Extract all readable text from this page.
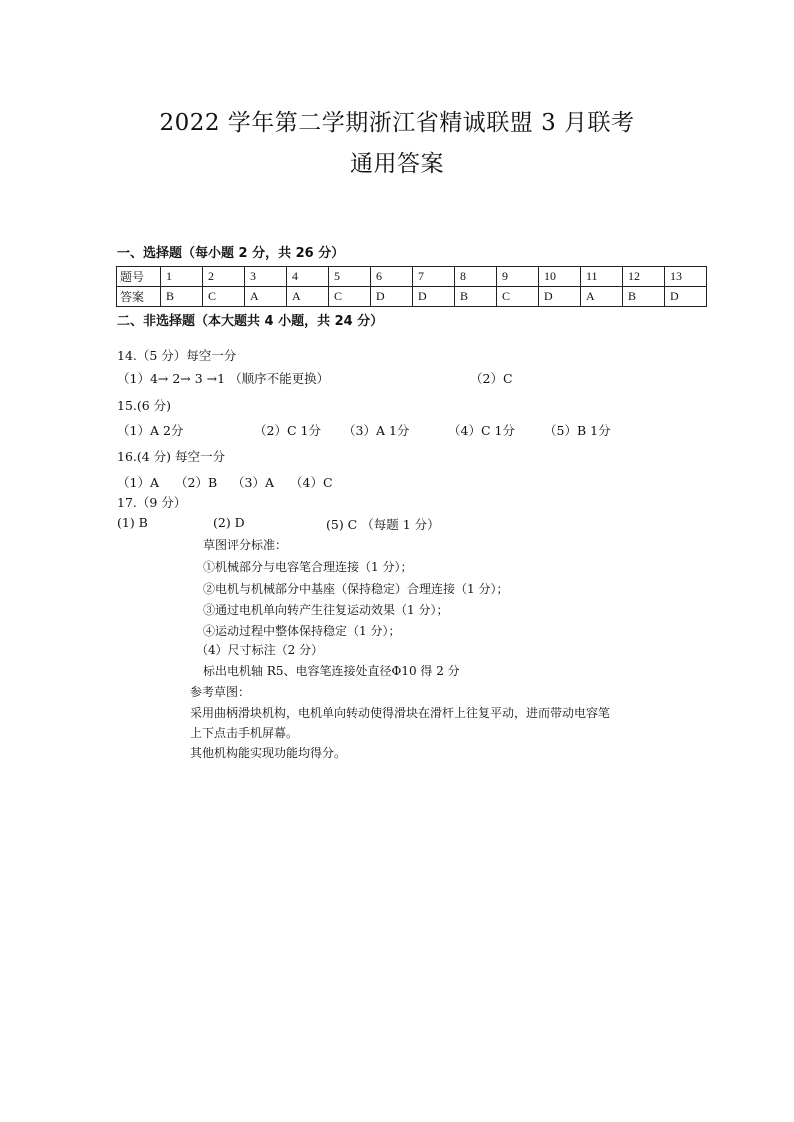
2022 学年第二学期浙江省精诚联盟 3 月联考
通用答案
一、选择题（每小题 2 分，共 26 分）
题号	1	2	3	4	5	6	7	8	9	10	11	12	13
答案	B	C	A	A	C	D	D	B	C	D	A	B	D
二、非选择题（本大题共 4 小题，共 24 分）
14.（5 分）每空一分
（1）4→ 2→ 3 →1 （顺序不能更换）	（2）C
15.(6 分)
（1）A 2分	（2）C 1分 （3）A 1分	（4）C 1分 （5）B 1分
16.(4 分) 每空一分
（1）A （2）B （3）A （4）C
17.（9 分）
(1) B	(2) D	(5) C （每题 1 分）
草图评分标准：
①机械部分与电容笔合理连接（1 分）；
②电机与机械部分中基座（保持稳定）合理连接（1 分）；
③通过电机单向转产生往复运动效果（1 分）；
④运动过程中整体保持稳定（1 分）；
（4）尺寸标注（2 分）
标出电机轴 R5、电容笔连接处直径Φ10 得 2 分
参考草图：
采用曲柄滑块机构，电机单向转动使得滑块在滑杆上往复平动，进而带动电容笔
上下点击手机屏幕。
其他机构能实现功能均得分。
